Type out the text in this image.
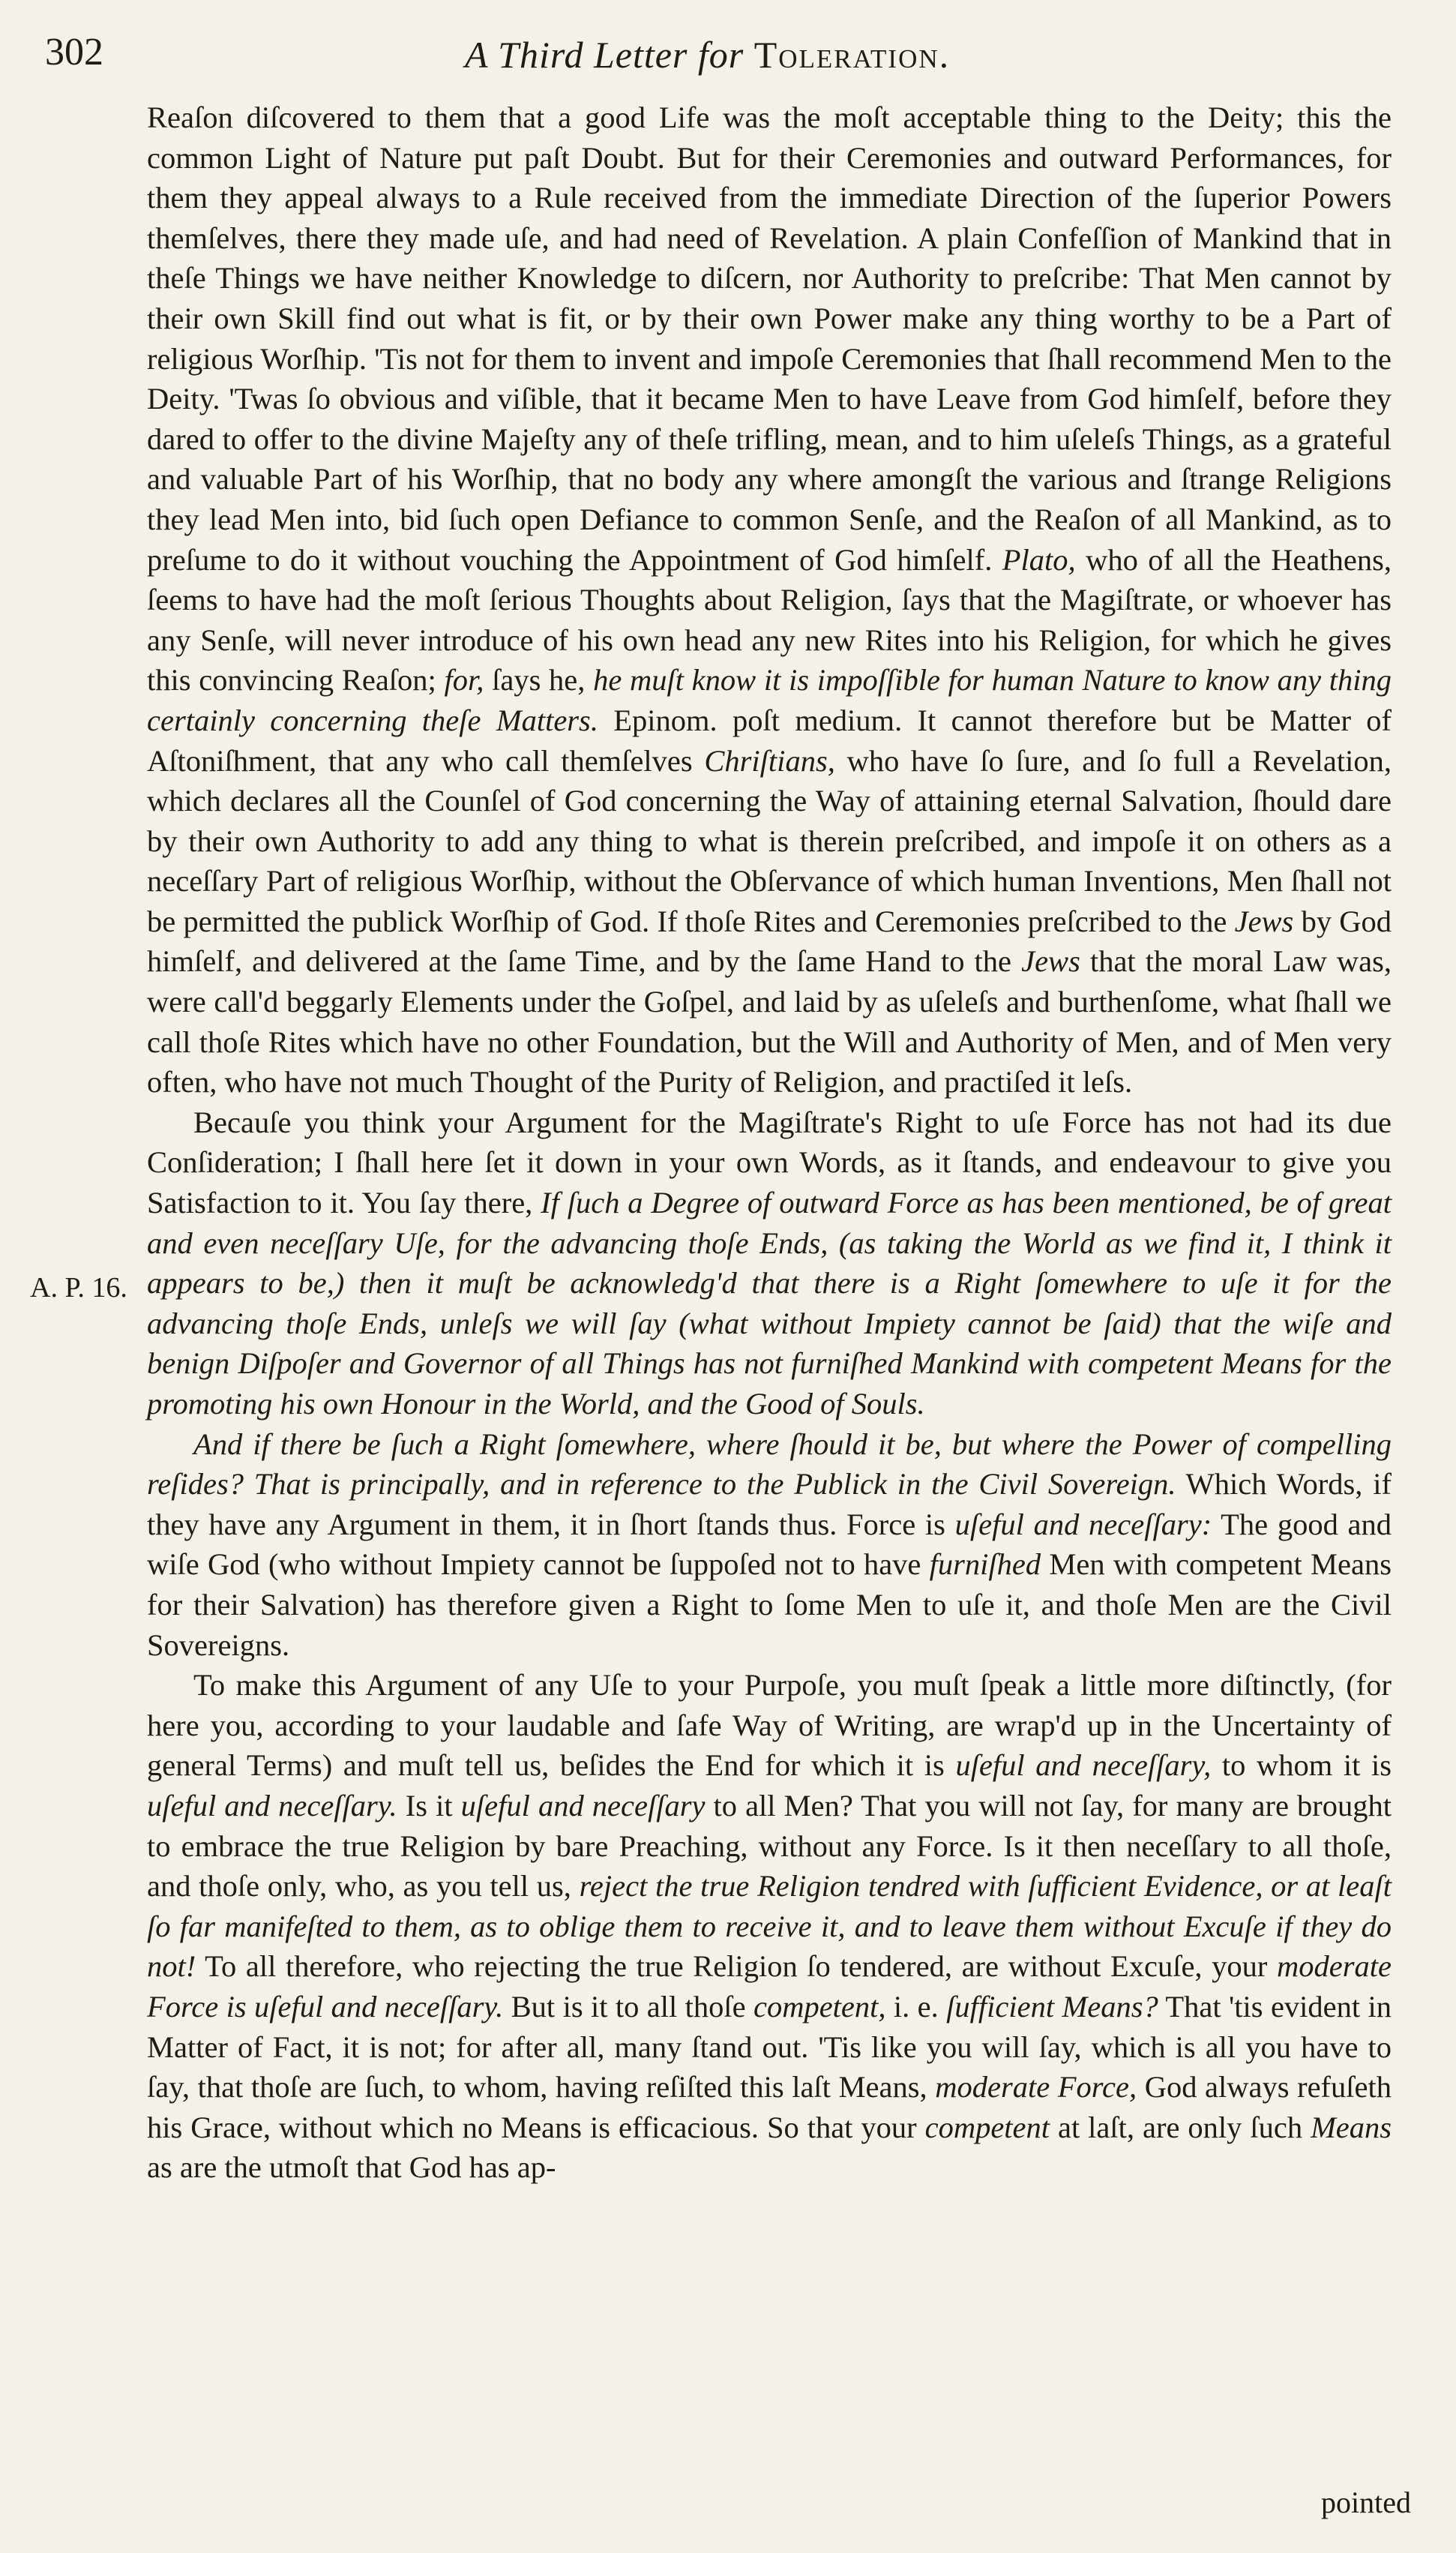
302	A Third Letter for Toleration.
A. P. 16.

Reaſon diſcovered to them that a good Life was the moſt acceptable thing to the Deity; this the common Light of Nature put paſt Doubt. But for their Ceremonies and outward Performances, for them they appeal always to a Rule received from the immediate Direction of the ſuperior Powers themſelves, there they made uſe, and had need of Revelation. A plain Confeſſion of Mankind that in theſe Things we have neither Knowledge to diſcern, nor Authority to preſcribe: That Men cannot by their own Skill find out what is fit, or by their own Power make any thing worthy to be a Part of religious Worſhip. 'Tis not for them to invent and impoſe Ceremonies that ſhall recommend Men to the Deity. 'Twas ſo obvious and viſible, that it became Men to have Leave from God himſelf, before they dared to offer to the divine Majeſty any of theſe trifling, mean, and to him uſeleſs Things, as a grateful and valuable Part of his Worſhip, that no body any where amongſt the various and ſtrange Religions they lead Men into, bid ſuch open Defiance to common Senſe, and the Reaſon of all Mankind, as to preſume to do it without vouching the Appointment of God himſelf. Plato, who of all the Heathens, ſeems to have had the moſt ſerious Thoughts about Religion, ſays that the Magiſtrate, or whoever has any Senſe, will never introduce of his own head any new Rites into his Religion, for which he gives this convincing Reaſon; for, ſays he, he muſt know it is impoſſible for human Nature to know any thing certainly concerning theſe Matters. Epinom. poſt medium. It cannot therefore but be Matter of Aſtoniſhment, that any who call themſelves Chriſtians, who have ſo ſure, and ſo full a Revelation, which declares all the Counſel of God concerning the Way of attaining eternal Salvation, ſhould dare by their own Authority to add any thing to what is therein preſcribed, and impoſe it on others as a neceſſary Part of religious Worſhip, without the Obſervance of which human Inventions, Men ſhall not be permitted the publick Worſhip of God. If thoſe Rites and Ceremonies preſcribed to the Jews by God himſelf, and delivered at the ſame Time, and by the ſame Hand to the Jews that the moral Law was, were call'd beggarly Elements under the Goſpel, and laid by as uſeleſs and burthenſome, what ſhall we call thoſe Rites which have no other Foundation, but the Will and Authority of Men, and of Men very often, who have not much Thought of the Purity of Religion, and practiſed it leſs.

Becauſe you think your Argument for the Magiſtrate's Right to uſe Force has not had its due Conſideration; I ſhall here ſet it down in your own Words, as it ſtands, and endeavour to give you Satisfaction to it. You ſay there, If ſuch a Degree of outward Force as has been mentioned, be of great and even neceſſary Uſe, for the advancing thoſe Ends, (as taking the World as we find it, I think it appears to be,) then it muſt be acknowledg'd that there is a Right ſomewhere to uſe it for the advancing thoſe Ends, unleſs we will ſay (what without Impiety cannot be ſaid) that the wiſe and benign Diſpoſer and Governor of all Things has not furniſhed Mankind with competent Means for the promoting his own Honour in the World, and the Good of Souls.

And if there be ſuch a Right ſomewhere, where ſhould it be, but where the Power of compelling reſides? That is principally, and in reference to the Publick in the Civil Sovereign. Which Words, if they have any Argument in them, it in ſhort ſtands thus. Force is uſeful and neceſſary: The good and wiſe God (who without Impiety cannot be ſuppoſed not to have furniſhed Men with competent Means for their Salvation) has therefore given a Right to ſome Men to uſe it, and thoſe Men are the Civil Sovereigns.

To make this Argument of any Uſe to your Purpoſe, you muſt ſpeak a little more diſtinctly, (for here you, according to your laudable and ſafe Way of Writing, are wrap'd up in the Uncertainty of general Terms) and muſt tell us, beſides the End for which it is uſeful and neceſſary, to whom it is uſeful and neceſſary. Is it uſeful and neceſſary to all Men? That you will not ſay, for many are brought to embrace the true Religion by bare Preaching, without any Force. Is it then neceſſary to all thoſe, and thoſe only, who, as you tell us, reject the true Religion tendred with ſufficient Evidence, or at leaſt ſo far manifeſted to them, as to oblige them to receive it, and to leave them without Excuſe if they do not! To all therefore, who rejecting the true Religion ſo tendered, are without Excuſe, your moderate Force is uſeful and neceſſary. But is it to all thoſe competent, i. e. ſufficient Means? That 'tis evident in Matter of Fact, it is not; for after all, many ſtand out. 'Tis like you will ſay, which is all you have to ſay, that thoſe are ſuch, to whom, having reſiſted this laſt Means, moderate Force, God always refuſeth his Grace, without which no Means is efficacious. So that your competent at laſt, are only ſuch Means as are the utmoſt that God has ap-

pointed
